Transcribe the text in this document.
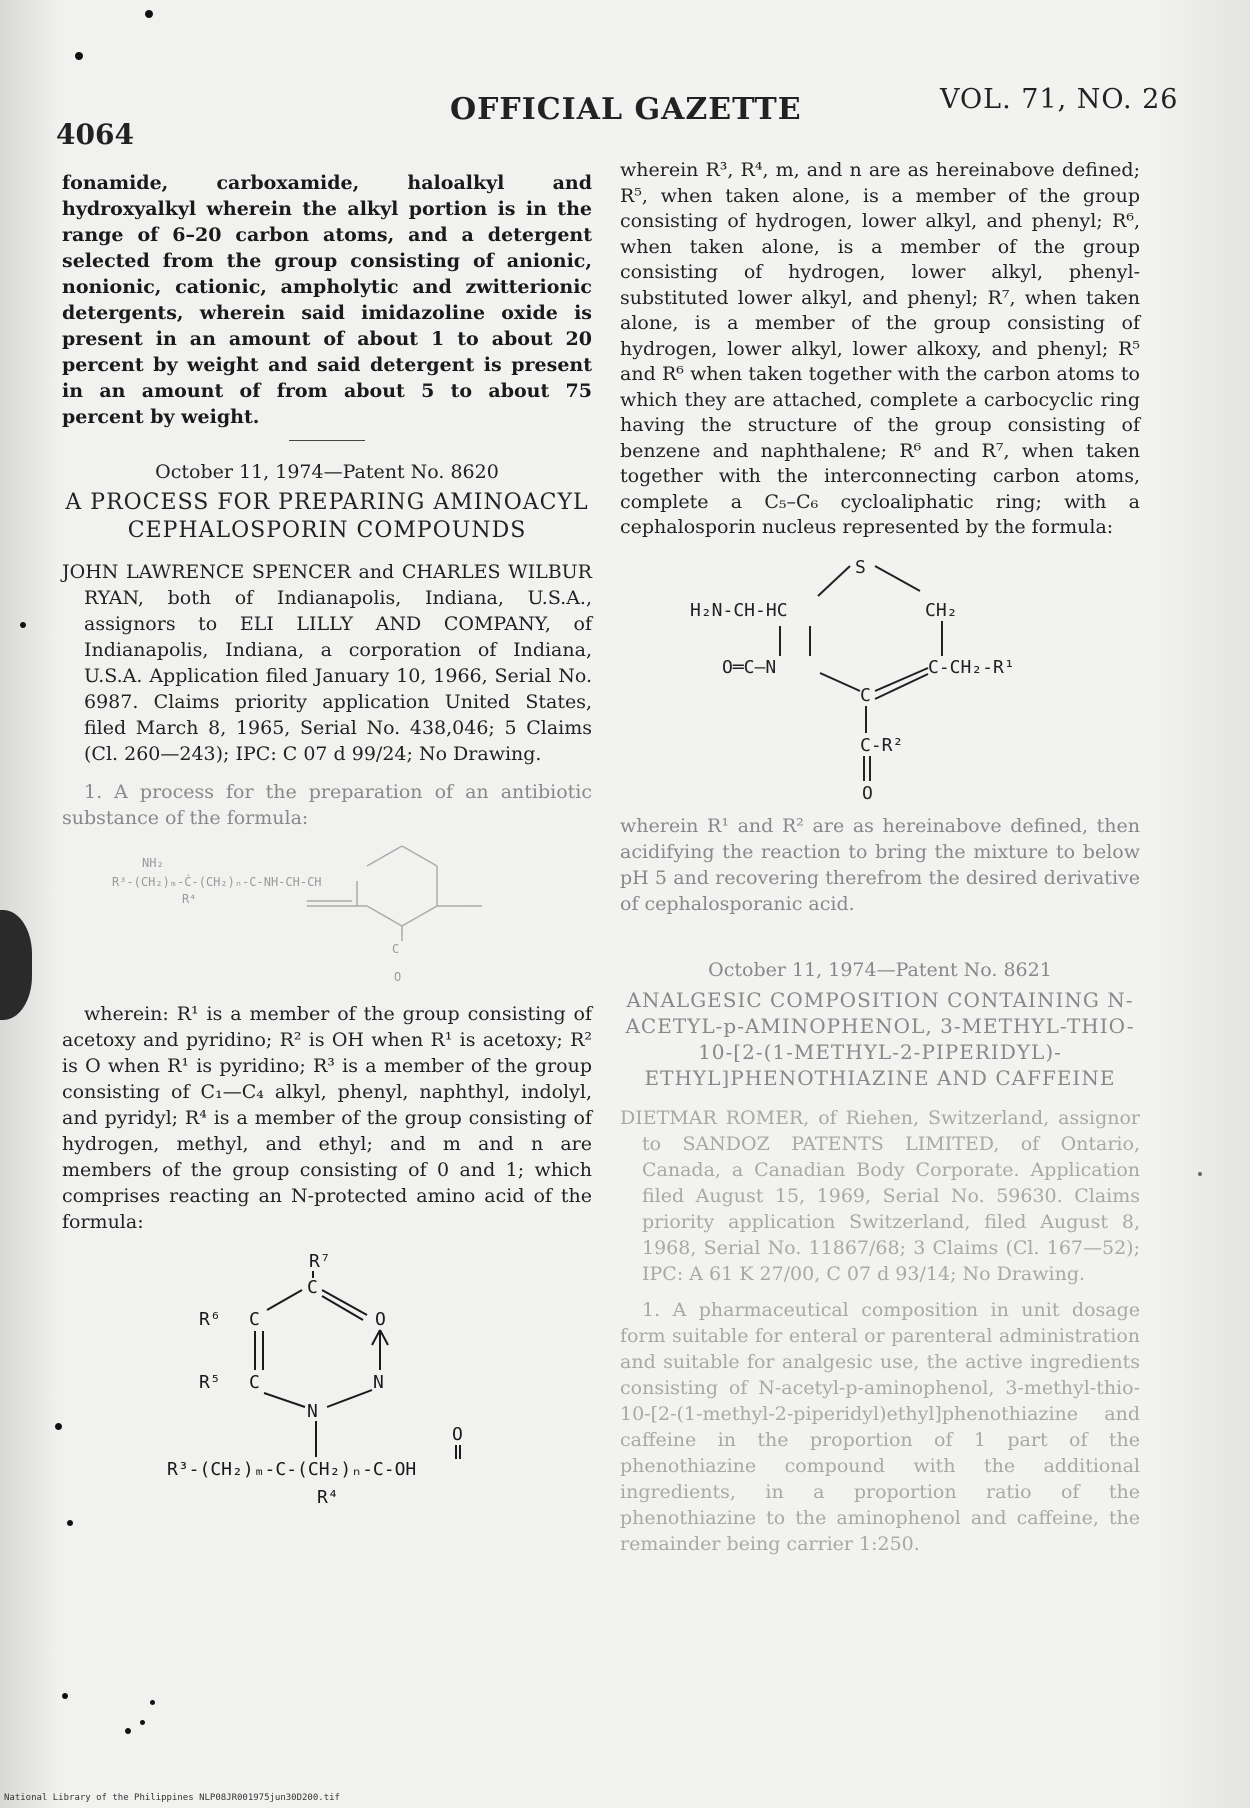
4064
OFFICIAL GAZETTE	VOL. 71, NO. 26

fonamide, carboxamide, haloalkyl and hydroxyalkyl wherein the alkyl portion is in the range of 6–20 carbon atoms, and a detergent selected from the group consisting of anionic, nonionic, cationic, ampholytic and zwitterionic detergents, wherein said imidazoline oxide is present in an amount of about 1 to about 20 percent by weight and said detergent is present in an amount of from about 5 to about 75 percent by weight.

October 11, 1974—Patent No. 8620
A PROCESS FOR PREPARING AMINOACYL CEPHALOSPORIN COMPOUNDS

JOHN LAWRENCE SPENCER and CHARLES WILBUR RYAN, both of Indianapolis, Indiana, U.S.A., assignors to ELI LILLY AND COMPANY, of Indianapolis, Indiana, a corporation of Indiana, U.S.A. Application filed January 10, 1966, Serial No. 6987. Claims priority application United States, filed March 8, 1965, Serial No. 438,046; 5 Claims (Cl. 260—243); IPC: C 07 d 99/24; No Drawing.

1. A process for the preparation of an antibiotic substance of the formula:

NH₂
R³-(CH₂)ₘ-Ċ-(CH₂)ₙ-C-NH-CH-CH
R⁴
C
O

wherein: R¹ is a member of the group consisting of acetoxy and pyridino; R² is OH when R¹ is acetoxy; R² is O when R¹ is pyridino; R³ is a member of the group consisting of C₁—C₄ alkyl, phenyl, naphthyl, indolyl, and pyridyl; R⁴ is a member of the group consisting of hydrogen, methyl, and ethyl; and m and n are members of the group consisting of 0 and 1; which comprises reacting an N-protected amino acid of the formula:

R⁷
C
R⁶ C	O
R⁵ C	N
N
O
R³-(CH₂)ₘ-C-(CH₂)ₙ-C-OH
R⁴

wherein R³, R⁴, m, and n are as hereinabove defined; R⁵, when taken alone, is a member of the group consisting of hydrogen, lower alkyl, and phenyl; R⁶, when taken alone, is a member of the group consisting of hydrogen, lower alkyl, phenyl-substituted lower alkyl, and phenyl; R⁷, when taken alone, is a member of the group consisting of hydrogen, lower alkyl, lower alkoxy, and phenyl; R⁵ and R⁶ when taken together with the carbon atoms to which they are attached, complete a carbocyclic ring having the structure of the group consisting of benzene and naphthalene; R⁶ and R⁷, when taken together with the interconnecting carbon atoms, complete a C₅–C₆ cycloaliphatic ring; with a cephalosporin nucleus represented by the formula:

S
H₂N-CH-HC	CH₂
O═C—N	C-CH₂-R¹
C
C-R²
O

wherein R¹ and R² are as hereinabove defined, then acidifying the reaction to bring the mixture to below pH 5 and recovering therefrom the desired derivative of cephalosporanic acid.

October 11, 1974—Patent No. 8621
ANALGESIC COMPOSITION CONTAINING N-ACETYL-p-AMINOPHENOL, 3-METHYL-THIO-10-[2-(1-METHYL-2-PIPERIDYL)-ETHYL]PHENOTHIAZINE AND CAFFEINE

DIETMAR ROMER, of Riehen, Switzerland, assignor to SANDOZ PATENTS LIMITED, of Ontario, Canada, a Canadian Body Corporate. Application filed August 15, 1969, Serial No. 59630. Claims priority application Switzerland, filed August 8, 1968, Serial No. 11867/68; 3 Claims (Cl. 167—52); IPC: A 61 K 27/00, C 07 d 93/14; No Drawing.

1. A pharmaceutical composition in unit dosage form suitable for enteral or parenteral administration and suitable for analgesic use, the active ingredients consisting of N-acetyl-p-aminophenol, 3-methyl-thio-10-[2-(1-methyl-2-piperidyl)ethyl]phenothiazine and caffeine in the proportion of 1 part of the phenothiazine compound with the additional ingredients, in a proportion ratio of the phenothiazine to the aminophenol and caffeine, the remainder being carrier 1:250.

National Library of the Philippines NLP08JR001975jun30D200.tif
